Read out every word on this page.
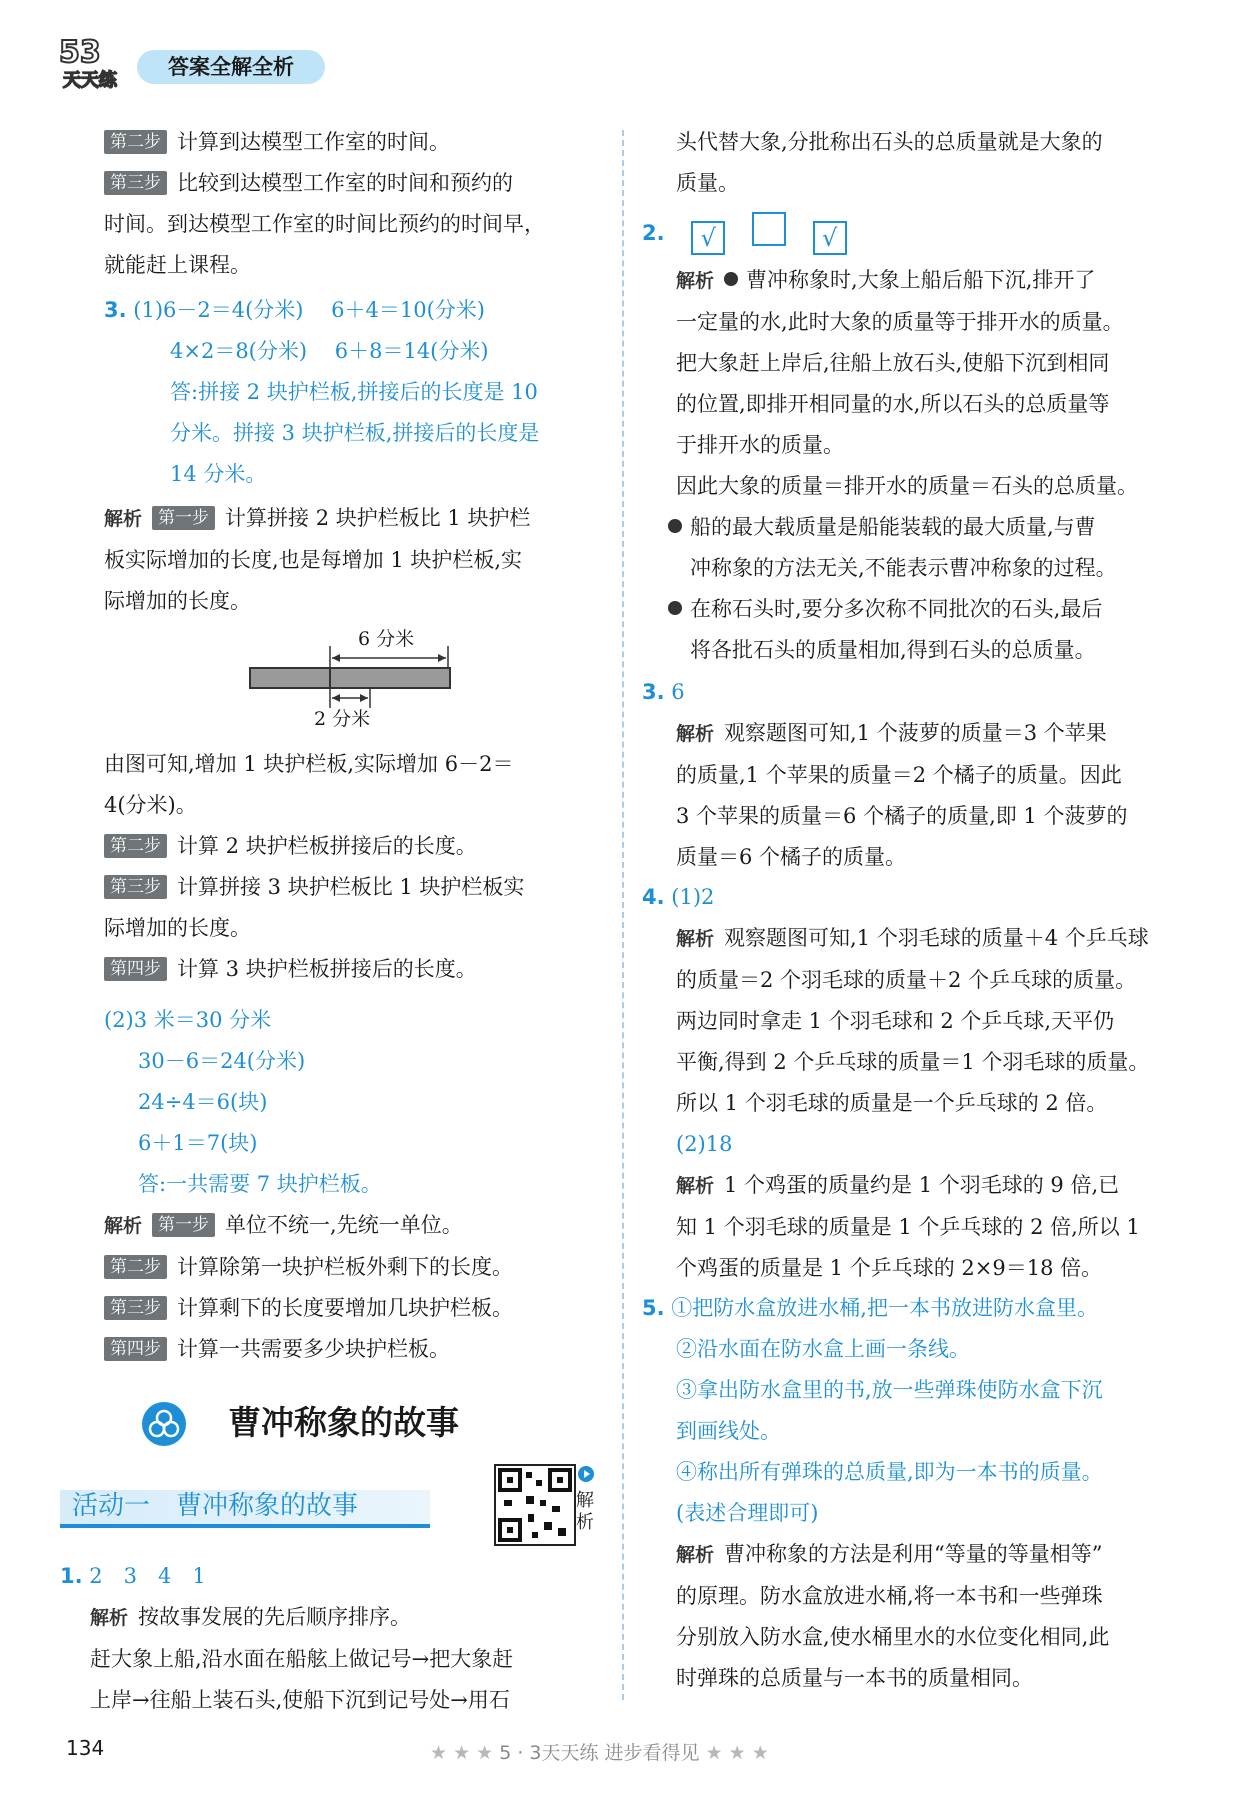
53
天天练
答案全解全析
第二步 计算到达模型工作室的时间。
第三步 比较到达模型工作室的时间和预约的
时间。到达模型工作室的时间比预约的时间早，
就能赶上课程。
3. (1)6－2＝4(分米)　 6＋4＝10(分米)
4×2＝8(分米)　 6＋8＝14(分米)
答:拼接 2 块护栏板,拼接后的长度是 10
分米。拼接 3 块护栏板,拼接后的长度是
14 分米。
解析 第一步 计算拼接 2 块护栏板比 1 块护栏
板实际增加的长度,也是每增加 1 块护栏板,实
际增加的长度。
6 分米
2 分米
由图可知,增加 1 块护栏板,实际增加 6－2＝
4(分米)。
第二步 计算 2 块护栏板拼接后的长度。
第三步 计算拼接 3 块护栏板比 1 块护栏板实
际增加的长度。
第四步 计算 3 块护栏板拼接后的长度。
(2)3 米＝30 分米
30－6＝24(分米)
24÷4＝6(块)
6＋1＝7(块)
答:一共需要 7 块护栏板。
解析 第一步 单位不统一,先统一单位。
第二步 计算除第一块护栏板外剩下的长度。
第三步 计算剩下的长度要增加几块护栏板。
第四步 计算一共需要多少块护栏板。
曹冲称象的故事
活动一　曹冲称象的故事	解析
1. 2　3　4　1
解析 按故事发展的先后顺序排序。
赶大象上船,沿水面在船舷上做记号→把大象赶
上岸→往船上装石头,使船下沉到记号处→用石
头代替大象,分批称出石头的总质量就是大象的
质量。
2. √	√
解析 曹冲称象时,大象上船后船下沉,排开了
一定量的水,此时大象的质量等于排开水的质量。
把大象赶上岸后,往船上放石头,使船下沉到相同
的位置,即排开相同量的水,所以石头的总质量等
于排开水的质量。
因此大象的质量＝排开水的质量＝石头的总质量。
船的最大载质量是船能装载的最大质量,与曹
冲称象的方法无关,不能表示曹冲称象的过程。
在称石头时,要分多次称不同批次的石头,最后
将各批石头的质量相加,得到石头的总质量。
3. 6
解析 观察题图可知,1 个菠萝的质量＝3 个苹果
的质量,1 个苹果的质量＝2 个橘子的质量。因此
3 个苹果的质量＝6 个橘子的质量,即 1 个菠萝的
质量＝6 个橘子的质量。
4. (1)2
解析 观察题图可知,1 个羽毛球的质量＋4 个乒乓球
的质量＝2 个羽毛球的质量＋2 个乒乓球的质量。
两边同时拿走 1 个羽毛球和 2 个乒乓球,天平仍
平衡,得到 2 个乒乓球的质量＝1 个羽毛球的质量。
所以 1 个羽毛球的质量是一个乒乓球的 2 倍。
(2)18
解析 1 个鸡蛋的质量约是 1 个羽毛球的 9 倍,已
知 1 个羽毛球的质量是 1 个乒乓球的 2 倍,所以 1
个鸡蛋的质量是 1 个乒乓球的 2×9＝18 倍。
5. ①把防水盒放进水桶,把一本书放进防水盒里。
②沿水面在防水盒上画一条线。
③拿出防水盒里的书,放一些弹珠使防水盒下沉
到画线处。
④称出所有弹珠的总质量,即为一本书的质量。
(表述合理即可)
解析 曹冲称象的方法是利用“等量的等量相等”
的原理。防水盒放进水桶,将一本书和一些弹珠
分别放入防水盒,使水桶里水的水位变化相同,此
时弹珠的总质量与一本书的质量相同。
134	★ ★ ★ 5 · 3天天练 进步看得见 ★ ★ ★
